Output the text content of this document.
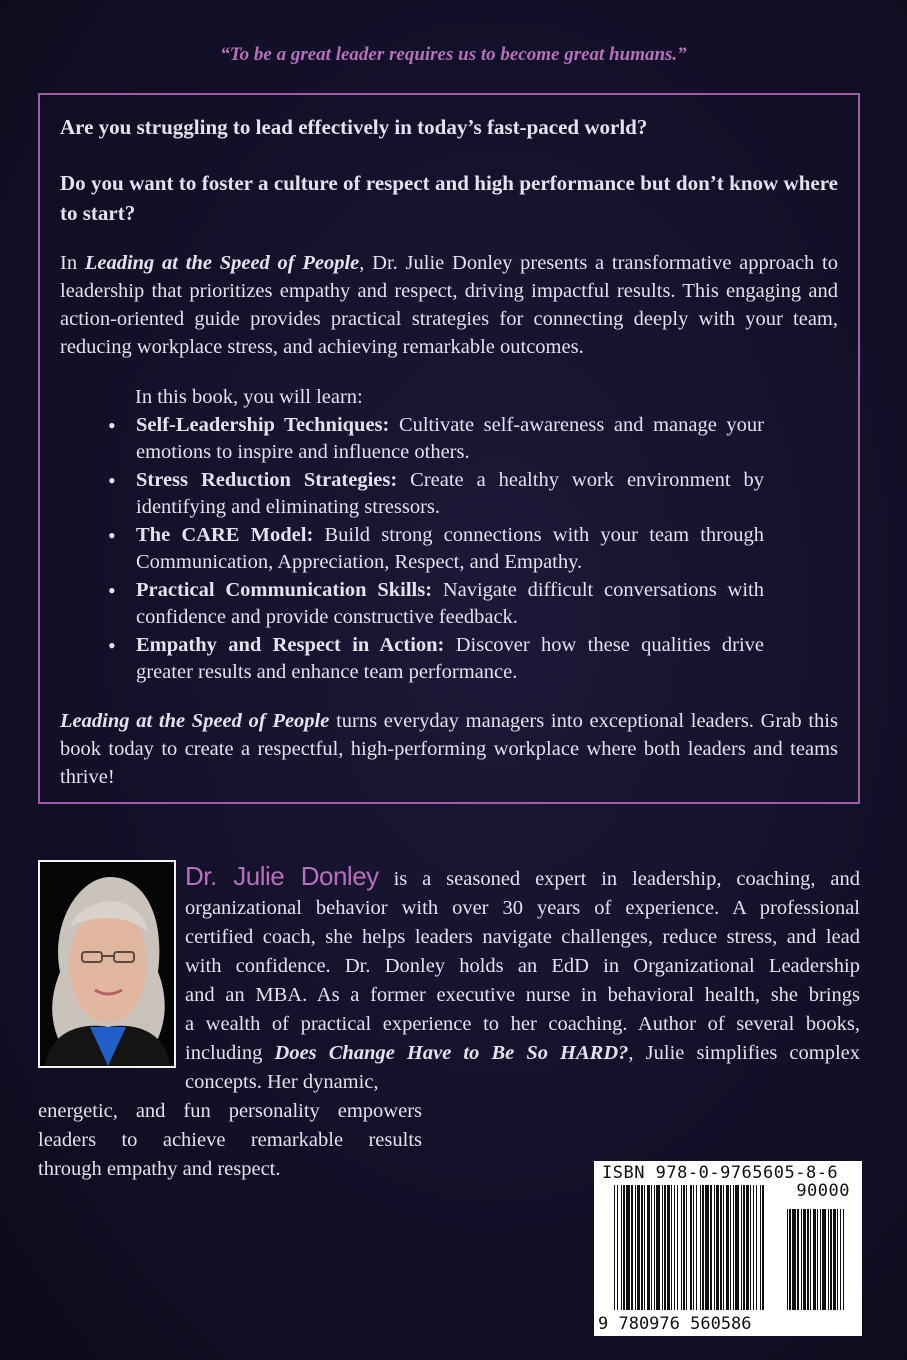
“To be a great leader requires us to become great humans.”
Are you struggling to lead effectively in today’s fast-paced world?
Do you want to foster a culture of respect and high performance but don’t know where to start?
In Leading at the Speed of People, Dr. Julie Donley presents a transformative approach to leadership that prioritizes empathy and respect, driving impactful results. This engaging and action-oriented guide provides practical strategies for connecting deeply with your team, reducing workplace stress, and achieving remarkable outcomes.
In this book, you will learn:
• Self-Leadership Techniques: Cultivate self-awareness and manage your emotions to inspire and influence others.
• Stress Reduction Strategies: Create a healthy work environment by identifying and eliminating stressors.
• The CARE Model: Build strong connections with your team through Communication, Appreciation, Respect, and Empathy.
• Practical Communication Skills: Navigate difficult conversations with confidence and provide constructive feedback.
• Empathy and Respect in Action: Discover how these qualities drive greater results and enhance team performance.
Leading at the Speed of People turns everyday managers into exceptional leaders. Grab this book today to create a respectful, high-performing workplace where both leaders and teams thrive!
Dr. Julie Donley is a seasoned expert in leadership, coaching, and
organizational behavior with over 30 years of experience. A professional
certified coach, she helps leaders navigate challenges, reduce stress, and lead
with confidence. Dr. Donley holds an EdD in Organizational Leadership
and an MBA. As a former executive nurse in behavioral health, she brings
a wealth of practical experience to her coaching. Author of several books,
including Does Change Have to Be So HARD?, Julie simplifies complex
concepts. Her dynamic,
energetic, and fun personality empowers
leaders to achieve remarkable results
through empathy and respect.	ISBN 978-0-9765605-8-6
90000
9 780976 560586
